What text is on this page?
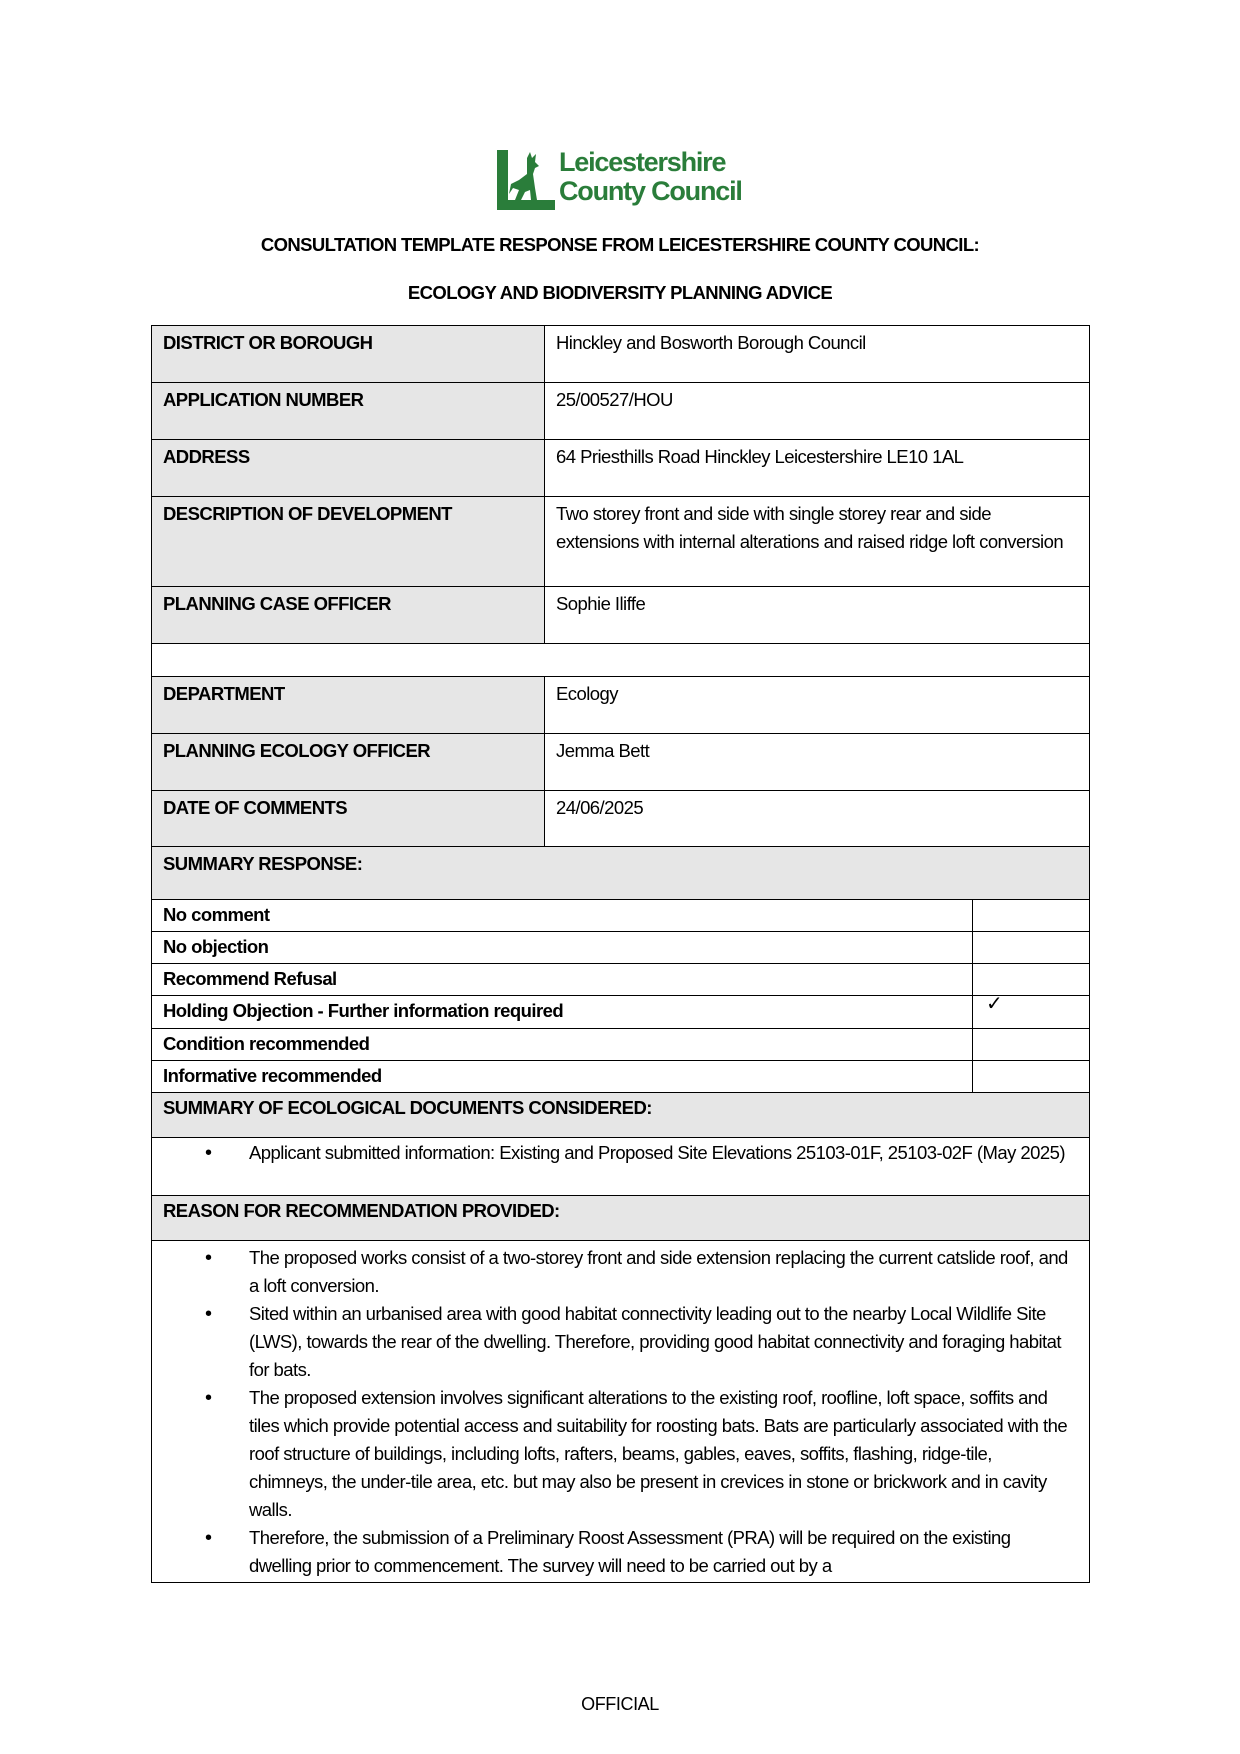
Leicestershire
County Council
CONSULTATION TEMPLATE RESPONSE FROM LEICESTERSHIRE COUNTY COUNCIL:
ECOLOGY AND BIODIVERSITY PLANNING ADVICE
DISTRICT OR BOROUGH	Hinckley and Bosworth Borough Council
APPLICATION NUMBER	25/00527/HOU
ADDRESS	64 Priesthills Road Hinckley Leicestershire LE10 1AL
DESCRIPTION OF DEVELOPMENT	Two storey front and side with single storey rear and side extensions with internal alterations and raised ridge loft conversion
PLANNING CASE OFFICER	Sophie Iliffe
DEPARTMENT	Ecology
PLANNING ECOLOGY OFFICER	Jemma Bett
DATE OF COMMENTS	24/06/2025
SUMMARY RESPONSE:
No comment
No objection
Recommend Refusal
Holding Objection - Further information required	✓
Condition recommended
Informative recommended
SUMMARY OF ECOLOGICAL DOCUMENTS CONSIDERED:
• Applicant submitted information: Existing and Proposed Site Elevations 25103-01F, 25103-02F (May 2025)
REASON FOR RECOMMENDATION PROVIDED:
• The proposed works consist of a two-storey front and side extension replacing the current catslide roof, and a loft conversion.
• Sited within an urbanised area with good habitat connectivity leading out to the nearby Local Wildlife Site (LWS), towards the rear of the dwelling. Therefore, providing good habitat connectivity and foraging habitat for bats.
• The proposed extension involves significant alterations to the existing roof, roofline, loft space, soffits and tiles which provide potential access and suitability for roosting bats. Bats are particularly associated with the roof structure of buildings, including lofts, rafters, beams, gables, eaves, soffits, flashing, ridge-tile, chimneys, the under-tile area, etc. but may also be present in crevices in stone or brickwork and in cavity walls.
• Therefore, the submission of a Preliminary Roost Assessment (PRA) will be required on the existing dwelling prior to commencement. The survey will need to be carried out by a
OFFICIAL
